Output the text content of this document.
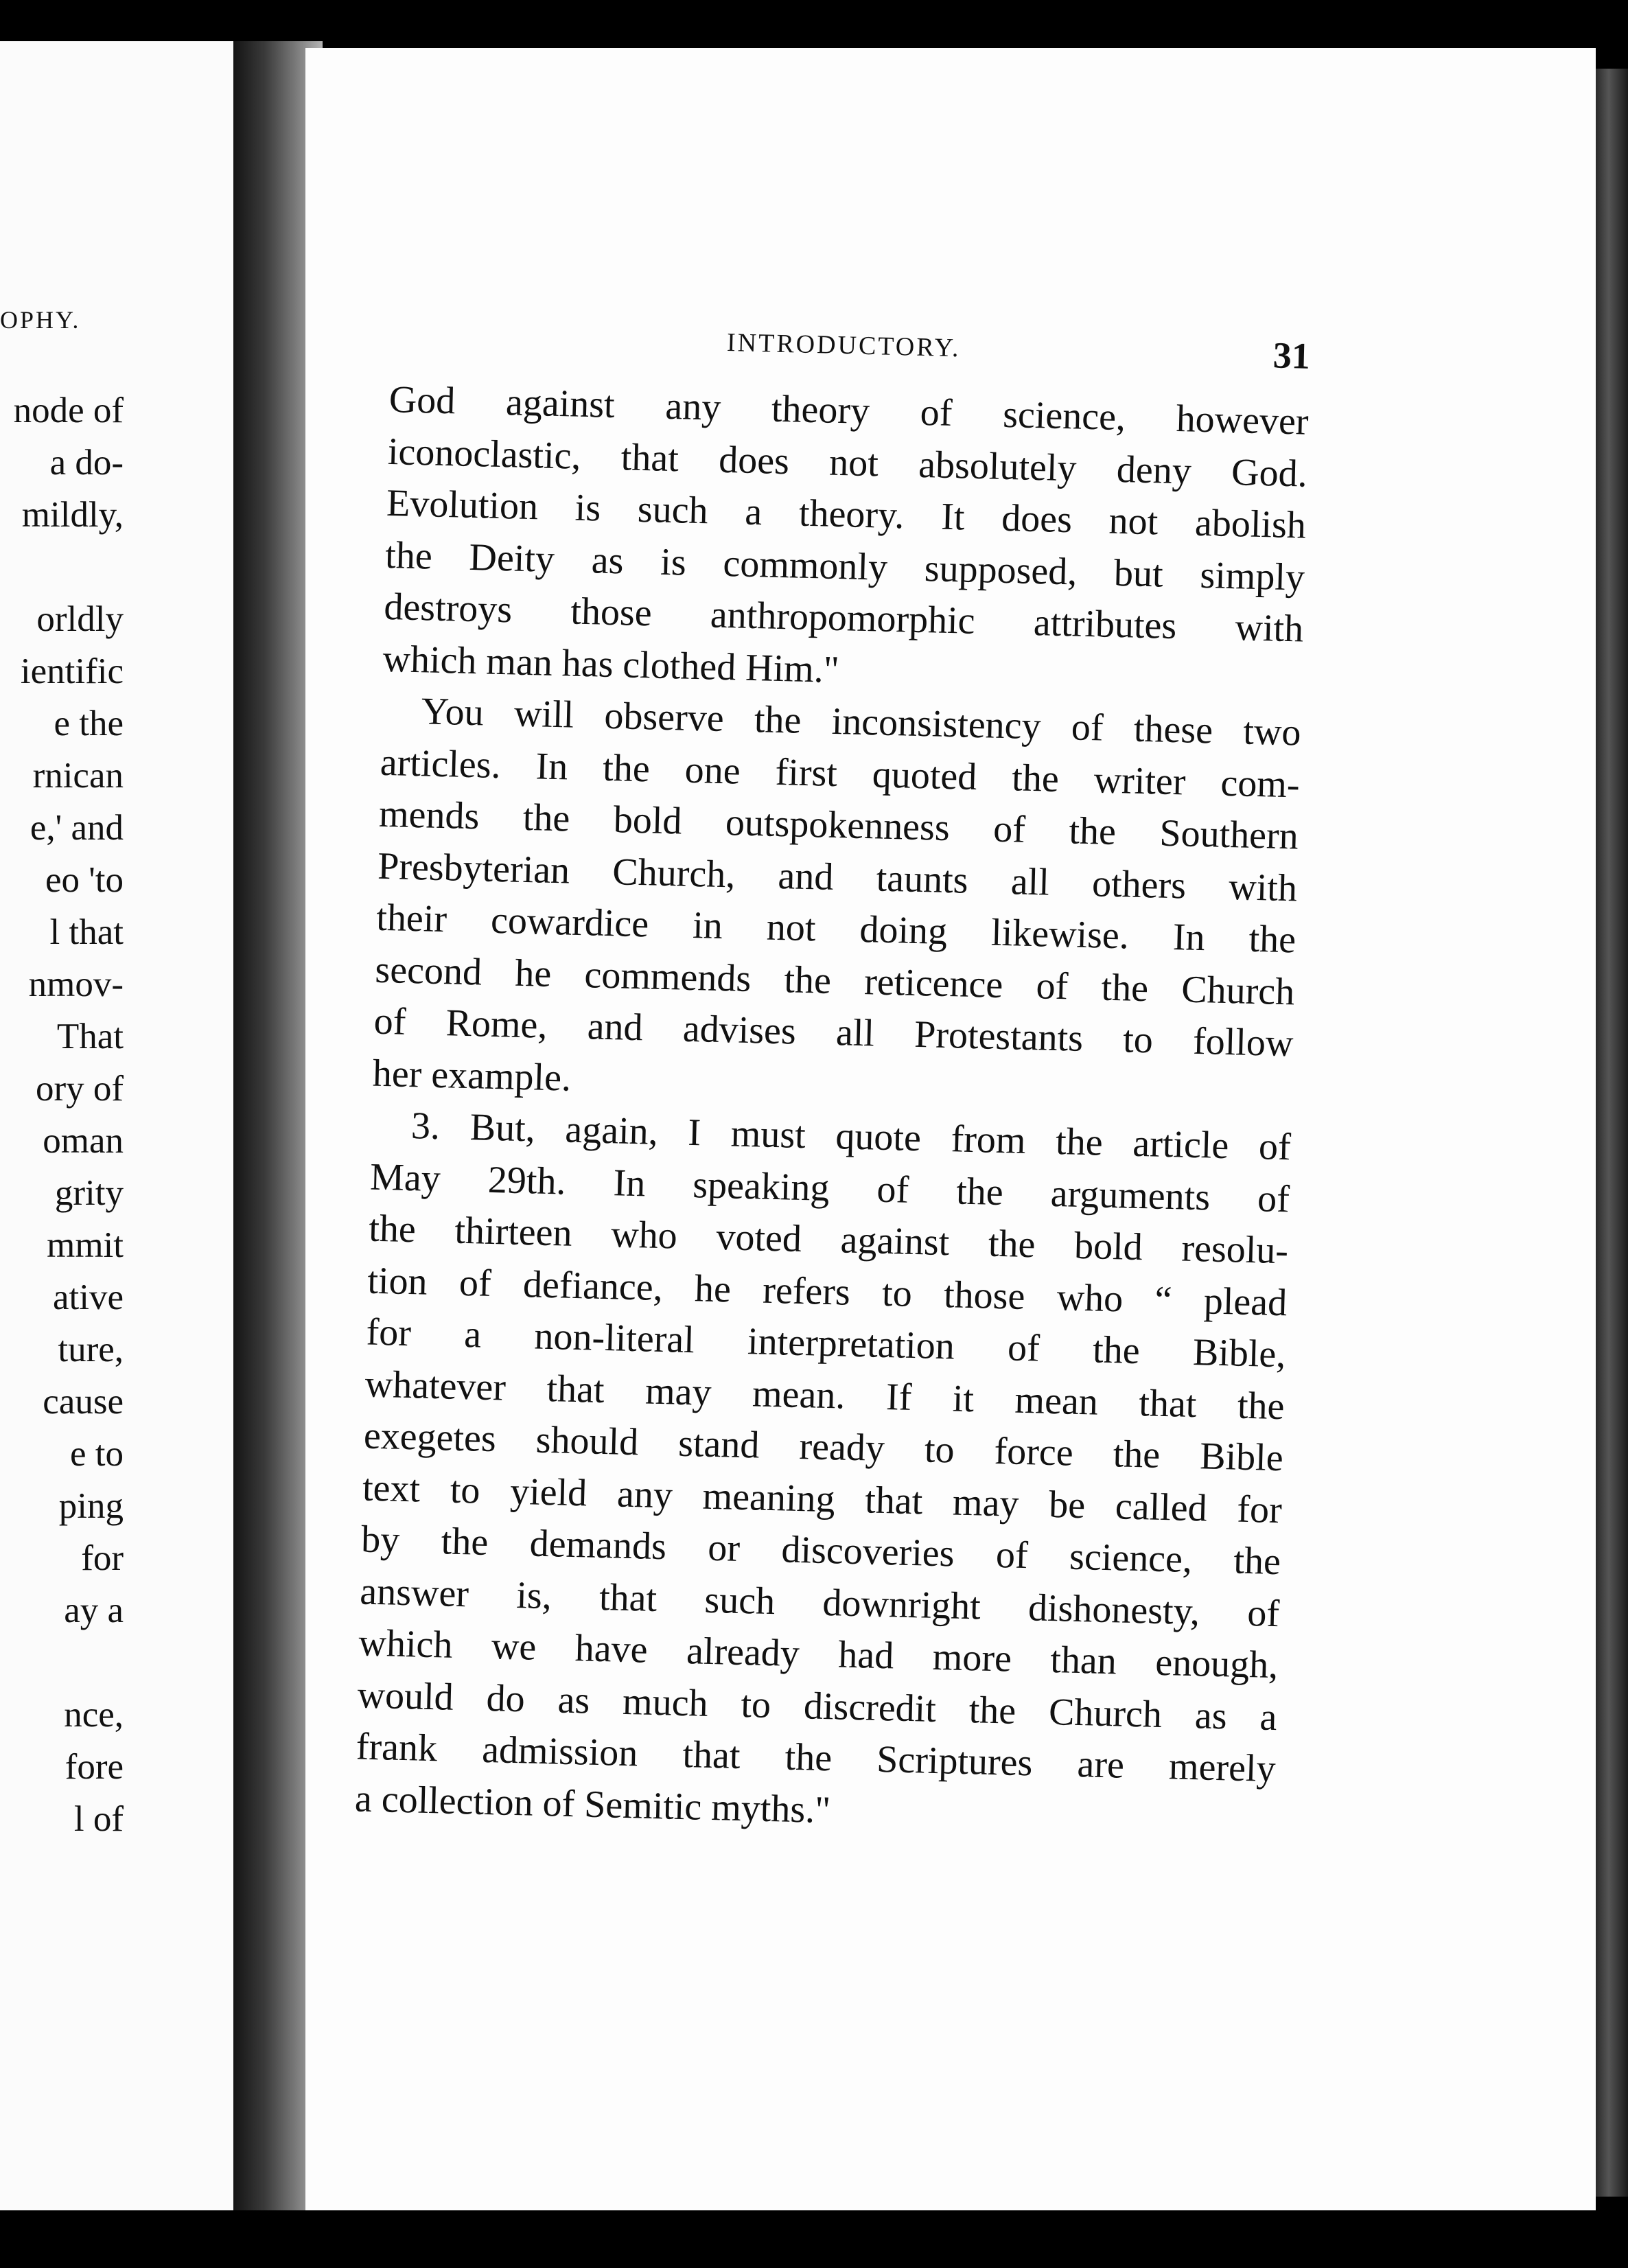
OPHY.
node of
a do-
mildly,
orldly
ientific
e the
rnican
e,' and
eo 'to
l that
nmov-
That
ory of
oman
grity
mmit
ative
ture,
cause
e to
ping
for
ay a
nce,
fore
l of
INTRODUCTORY.	31
God against any theory of science, however
iconoclastic, that does not absolutely deny God.
Evolution is such a theory. It does not abolish
the Deity as is commonly supposed, but simply
destroys those anthropomorphic attributes with
which man has clothed Him."
You will observe the inconsistency of these two
articles. In the one first quoted the writer com-
mends the bold outspokenness of the Southern
Presbyterian Church, and taunts all others with
their cowardice in not doing likewise. In the
second he commends the reticence of the Church
of Rome, and advises all Protestants to follow
her example.
3. But, again, I must quote from the article of
May 29th. In speaking of the arguments of
the thirteen who voted against the bold resolu-
tion of defiance, he refers to those who “ plead
for a non-literal interpretation of the Bible,
whatever that may mean. If it mean that the
exegetes should stand ready to force the Bible
text to yield any meaning that may be called for
by the demands or discoveries of science, the
answer is, that such downright dishonesty, of
which we have already had more than enough,
would do as much to discredit the Church as a
frank admission that the Scriptures are merely
a collection of Semitic myths."
